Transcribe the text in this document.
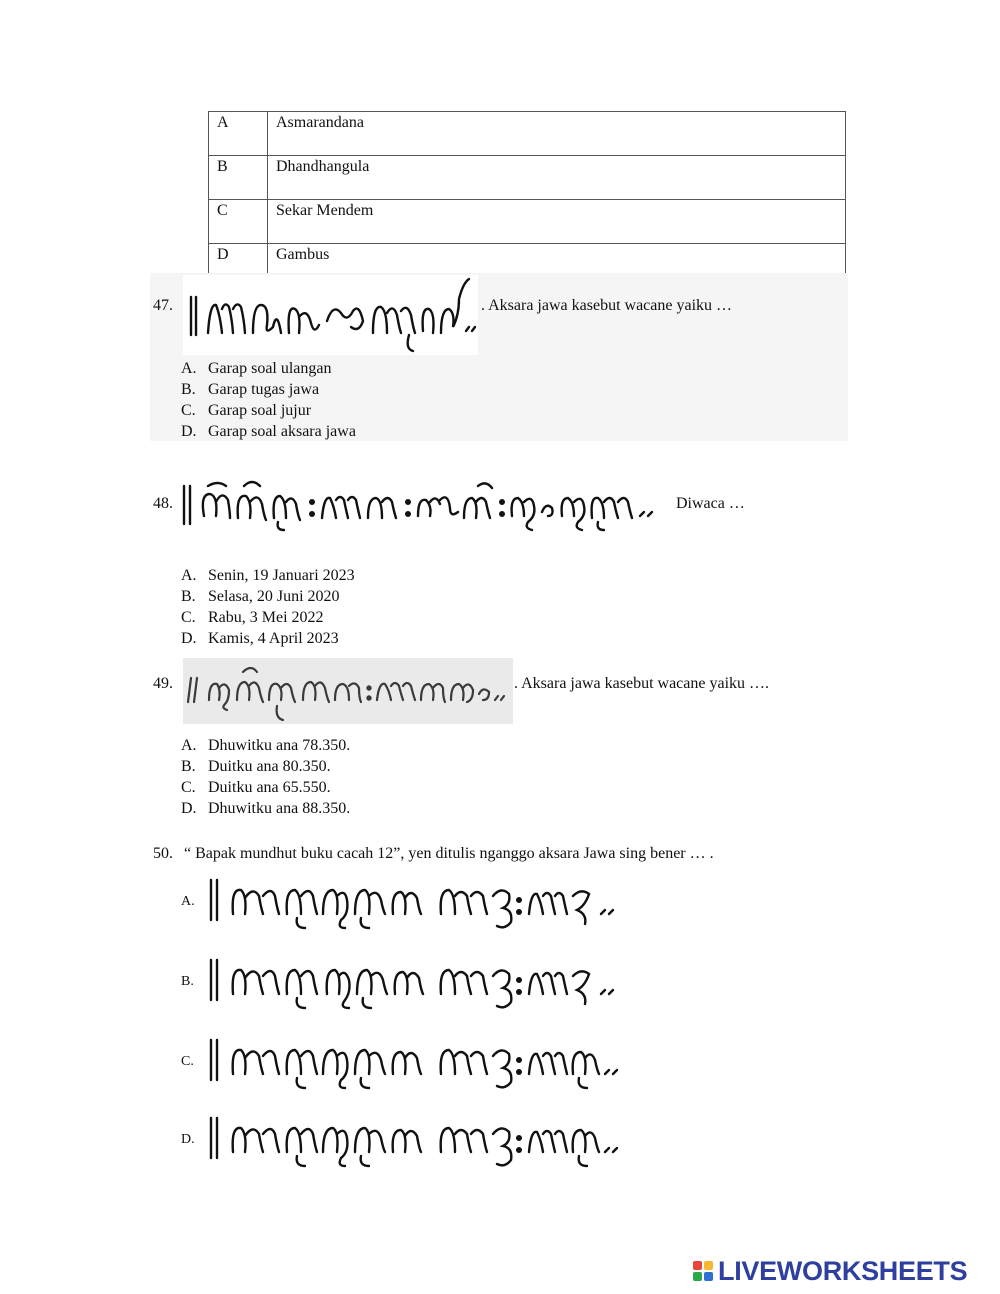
A	Asmarandana
B	Dhandhangula
C	Sekar Mendem
D	Gambus
47.	. Aksara jawa kasebut wacane yaiku …
A. Garap soal ulangan
B. Garap tugas jawa
C. Garap soal jujur
D. Garap soal aksara jawa
48.	Diwaca …
A. Senin, 19 Januari 2023
B. Selasa, 20 Juni 2020
C. Rabu, 3 Mei 2022
D. Kamis, 4 April 2023
49.	. Aksara jawa kasebut wacane yaiku ….
A. Dhuwitku ana 78.350.
B. Duitku ana 80.350.
C. Duitku ana 65.550.
D. Dhuwitku ana 88.350.
50. “ Bapak mundhut buku cacah 12”, yen ditulis nganggo aksara Jawa sing bener … .
A.
B.
C.
D.
LIVEWORKSHEETS
